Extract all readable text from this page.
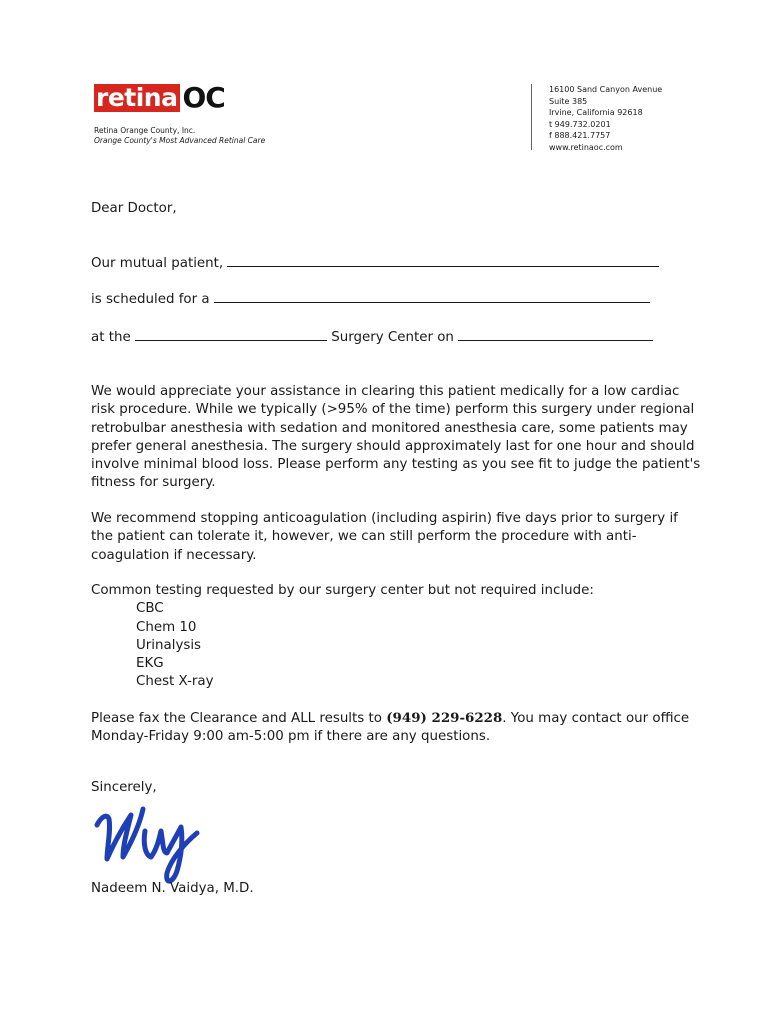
retina OC
Retina Orange County, Inc.
Orange County's Most Advanced Retinal Care
16100 Sand Canyon Avenue
Suite 385
Irvine, California 92618
t 949.732.0201
f 888.421.7757
www.retinaoc.com
Dear Doctor,
Our mutual patient,
is scheduled for a
at the	Surgery Center on
We would appreciate your assistance in clearing this patient medically for a low cardiac
risk procedure. While we typically (>95% of the time) perform this surgery under regional
retrobulbar anesthesia with sedation and monitored anesthesia care, some patients may
prefer general anesthesia. The surgery should approximately last for one hour and should
involve minimal blood loss. Please perform any testing as you see fit to judge the patient's
fitness for surgery.
We recommend stopping anticoagulation (including aspirin) five days prior to surgery if
the patient can tolerate it, however, we can still perform the procedure with anti-
coagulation if necessary.
Common testing requested by our surgery center but not required include:
CBC
Chem 10
Urinalysis
EKG
Chest X-ray
Please fax the Clearance and ALL results to (949) 229-6228. You may contact our office
Monday-Friday 9:00 am-5:00 pm if there are any questions.
Sincerely,
Nadeem N. Vaidya, M.D.
